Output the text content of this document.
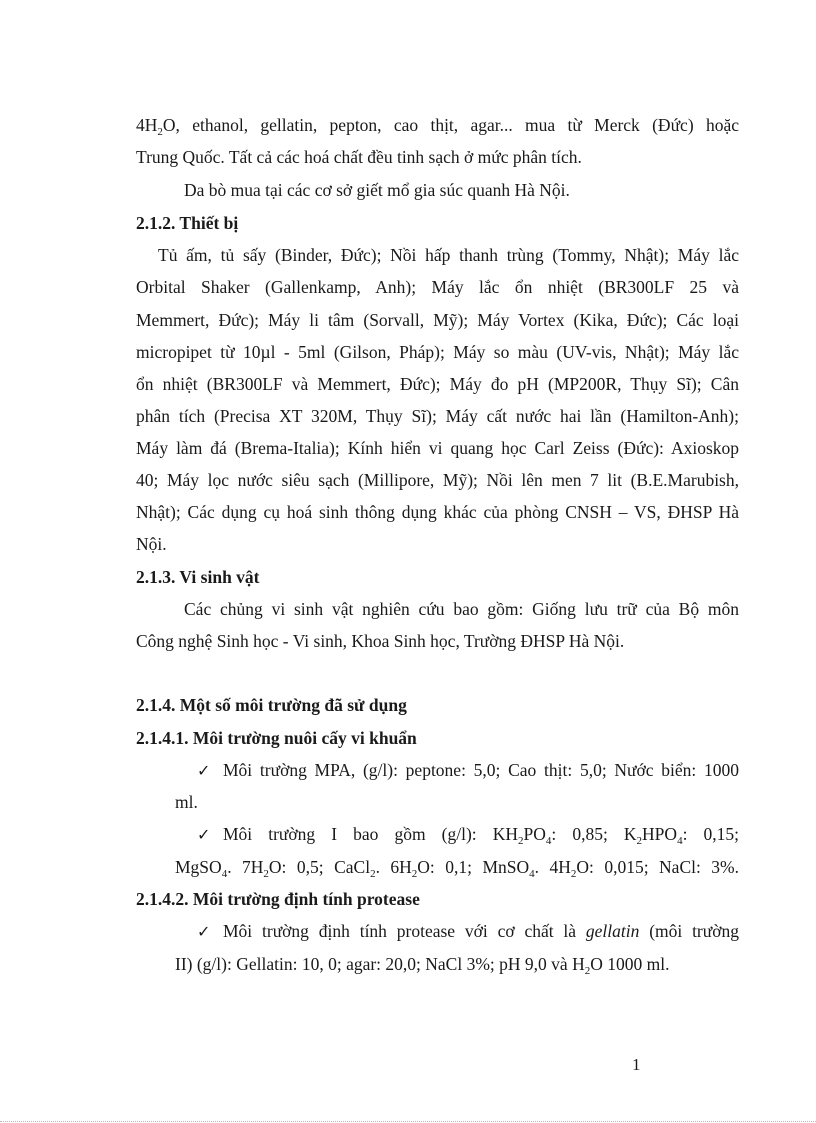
$4H_2O$, ethanol, gellatin, pepton, cao thịt, agar... mua từ Merck (Đức) hoặc
Trung Quốc. Tất cả các hoá chất đều tinh sạch ở mức phân tích.
Da bò mua tại các cơ sở giết mổ gia súc quanh Hà Nội.
2.1.2. Thiết bị
Tủ ấm, tủ sấy (Binder, Đức); Nồi hấp thanh trùng (Tommy, Nhật); Máy lắc
Orbital Shaker (Gallenkamp, Anh); Máy lắc ổn nhiệt (BR300LF 25 và
Memmert, Đức); Máy li tâm (Sorvall, Mỹ); Máy Vortex (Kika, Đức); Các loại
micropipet từ 10µl - 5ml (Gilson, Pháp); Máy so màu (UV-vis, Nhật); Máy lắc
ổn nhiệt (BR300LF và Memmert, Đức); Máy đo pH (MP200R, Thụy Sĩ); Cân
phân tích (Precisa XT 320M, Thụy Sĩ); Máy cất nước hai lần (Hamilton-Anh);
Máy làm đá (Brema-Italia); Kính hiển vi quang học Carl Zeiss (Đức): Axioskop
40; Máy lọc nước siêu sạch (Millipore, Mỹ); Nồi lên men 7 lit (B.E.Marubish,
Nhật); Các dụng cụ hoá sinh thông dụng khác của phòng CNSH – VS, ĐHSP Hà
Nội.
2.1.3. Vi sinh vật
Các chủng vi sinh vật nghiên cứu bao gồm: Giống lưu trữ của Bộ môn
Công nghệ Sinh học - Vi sinh, Khoa Sinh học, Trường ĐHSP Hà Nội.
2.1.4. Một số môi trường đã sử dụng
2.1.4.1. Môi trường nuôi cấy vi khuẩn
✓ Môi trường MPA, (g/l): peptone: 5,0; Cao thịt: 5,0; Nước biển: 1000
ml.
✓ Môi trường I bao gồm (g/l): $KH_2PO_4$: 0,85; $K_2HPO_4$: 0,15;
MgSO$_4$. $7H_2O$: 0,5; CaCl$_2$. $6H_2O$: 0,1; MnSO$_4$. $4H_2O$: 0,015; NaCl: 3%.
2.1.4.2. Môi trường định tính protease
✓ Môi trường định tính protease với cơ chất là gellatin (môi trường
II) (g/l): Gellatin: 10, 0; agar: 20,0; NaCl 3%; pH 9,0 và $H_2O$ 1000 ml.
1
